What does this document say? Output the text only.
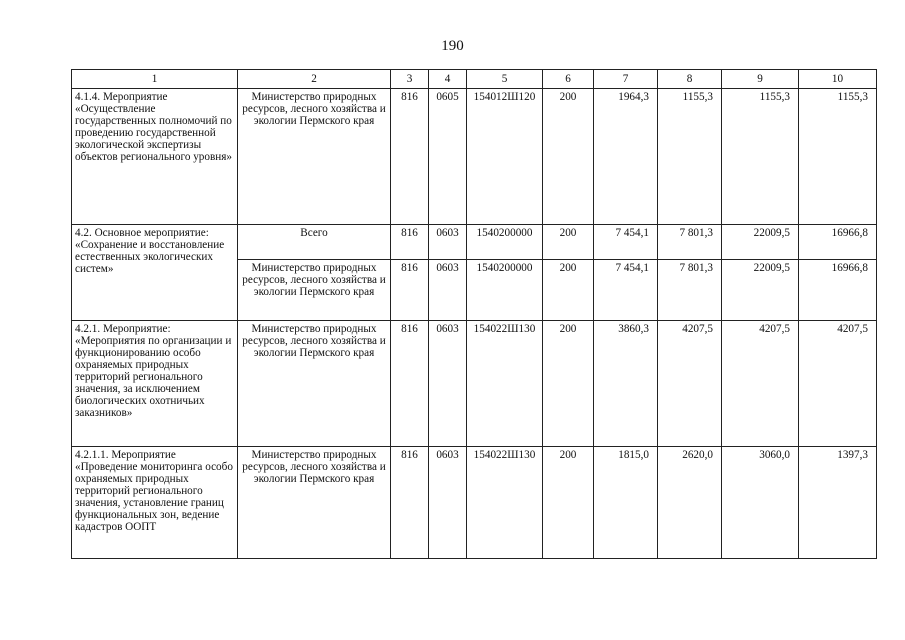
190
1	2	3	4	5	6	7	8	9	10
4.1.4. Мероприятие «Осуществление государственных полномочий по проведению государственной экологической экспертизы объектов регионального уровня»	Министерство природных ресурсов, лесного хозяйства и экологии Пермского края	816	0605	154012Ш120	200	1964,3	1155,3	1155,3	1155,3
4.2. Основное мероприятие: «Сохранение и восстановление естественных экологических систем»	Всего	816	0603	1540200000	200	7 454,1	7 801,3	22009,5	16966,8
	Министерство природных ресурсов, лесного хозяйства и экологии Пермского края	816	0603	1540200000	200	7 454,1	7 801,3	22009,5	16966,8
4.2.1. Мероприятие: «Мероприятия по организации и функционированию особо охраняемых природных территорий регионального значения, за исключением биологических охотничьих заказников»	Министерство природных ресурсов, лесного хозяйства и экологии Пермского края	816	0603	154022Ш130	200	3860,3	4207,5	4207,5	4207,5
4.2.1.1. Мероприятие «Проведение мониторинга особо охраняемых природных территорий регионального значения, установление границ функциональных зон, ведение кадастров ООПТ	Министерство природных ресурсов, лесного хозяйства и экологии Пермского края	816	0603	154022Ш130	200	1815,0	2620,0	3060,0	1397,3
